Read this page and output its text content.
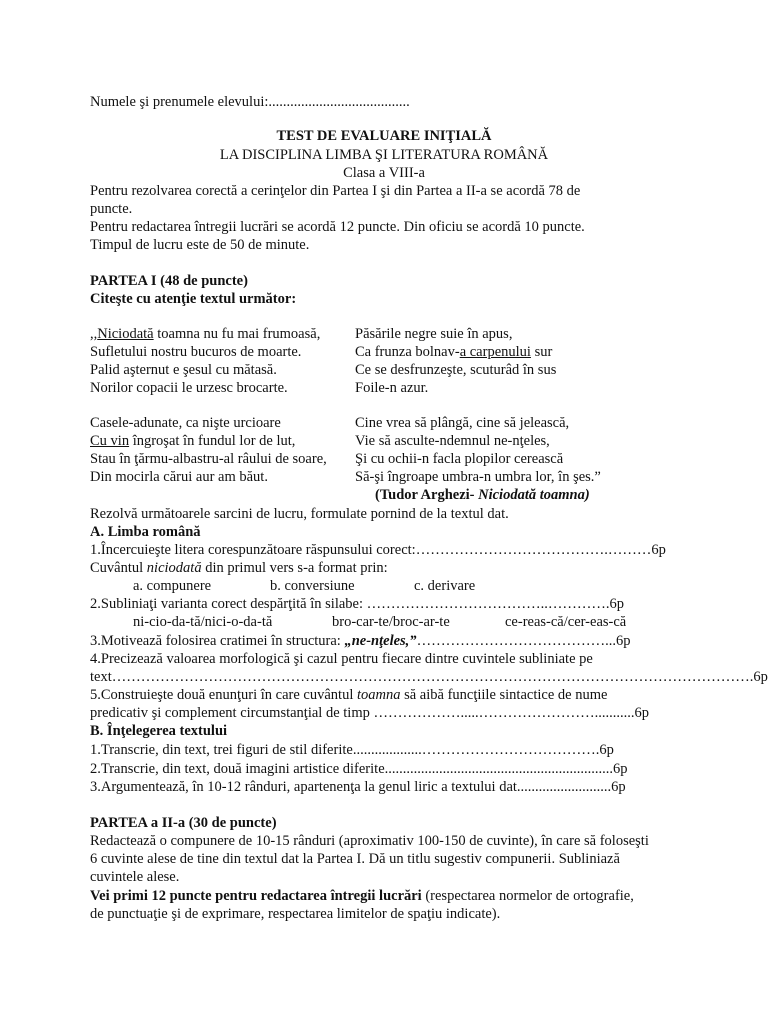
Numele şi prenumele elevului:.......................................
TEST DE EVALUARE INIŢIALĂ
LA DISCIPLINA LIMBA ŞI LITERATURA ROMÂNĂ
Clasa a VIII-a
Pentru rezolvarea corectă a cerinţelor din Partea I şi din Partea a II-a se acordă 78 de
puncte.
Pentru redactarea întregii lucrări se acordă 12 puncte. Din oficiu se acordă 10 puncte.
Timpul de lucru este de 50 de minute.
PARTEA I (48 de puncte)
Citeşte cu atenţie textul următor:
,,Niciodată toamna nu fu mai frumoasă,
Sufletului nostru bucuros de moarte.
Palid aşternut e şesul cu mătasă.
Norilor copacii le urzesc brocarte.
Păsările negre suie în apus,
Ca frunza bolnav-a carpenului sur
Ce se desfrunzeşte, scuturâd în sus
Foile-n azur.
Casele-adunate, ca nişte urcioare
Cu vin îngroşat în fundul lor de lut,
Stau în ţărmu-albastru-al râului de soare,
Din mocirla cărui aur am băut.
Cine vrea să plângă, cine să jelească,
Vie să asculte-ndemnul ne-nţeles,
Şi cu ochii-n facla plopilor cerească
Să-şi îngroape umbra-n umbra lor, în şes.”
(Tudor Arghezi- Niciodată toamna)
Rezolvă următoarele sarcini de lucru, formulate pornind de la textul dat.
A. Limba română
1.Încercuieşte litera corespunzătoare răspunsului corect:………………………………….………6p
Cuvântul niciodată din primul vers s-a format prin:
a. compunere	b. conversiune	c. derivare
2.Subliniaţi varianta corect despărţită în silabe: ………………………………..………….6p
ni-cio-da-tă/nici-o-da-tă	bro-car-te/broc-ar-te	ce-reas-că/cer-eas-că
3.Motivează folosirea cratimei în structura: „ne-nţeles,”…………………………………...6p
4.Precizează valoarea morfologică şi cazul pentru fiecare dintre cuvintele subliniate pe
text …………………………………………………………………………………………………………………… .6p
5.Construieşte două enunţuri în care cuvântul toamna să aibă funcţiile sintactice de nume
predicativ şi complement circumstanţial de timp ……………….....……………………...........6p
B. Înţelegerea textului
1.Transcrie, din text, trei figuri de stil diferite...................……………………………….6p
2.Transcrie, din text, două imagini artistice diferite...............................................................6p
3.Argumentează, în 10-12 rânduri, apartenenţa la genul liric a textului dat..........................6p
PARTEA a II-a (30 de puncte)
Redactează o compunere de 10-15 rânduri (aproximativ 100-150 de cuvinte), în care să foloseşti
6 cuvinte alese de tine din textul dat la Partea I. Dă un titlu sugestiv compunerii. Subliniază
cuvintele alese.
Vei primi 12 puncte pentru redactarea întregii lucrări (respectarea normelor de ortografie,
de punctuaţie şi de exprimare, respectarea limitelor de spaţiu indicate).
